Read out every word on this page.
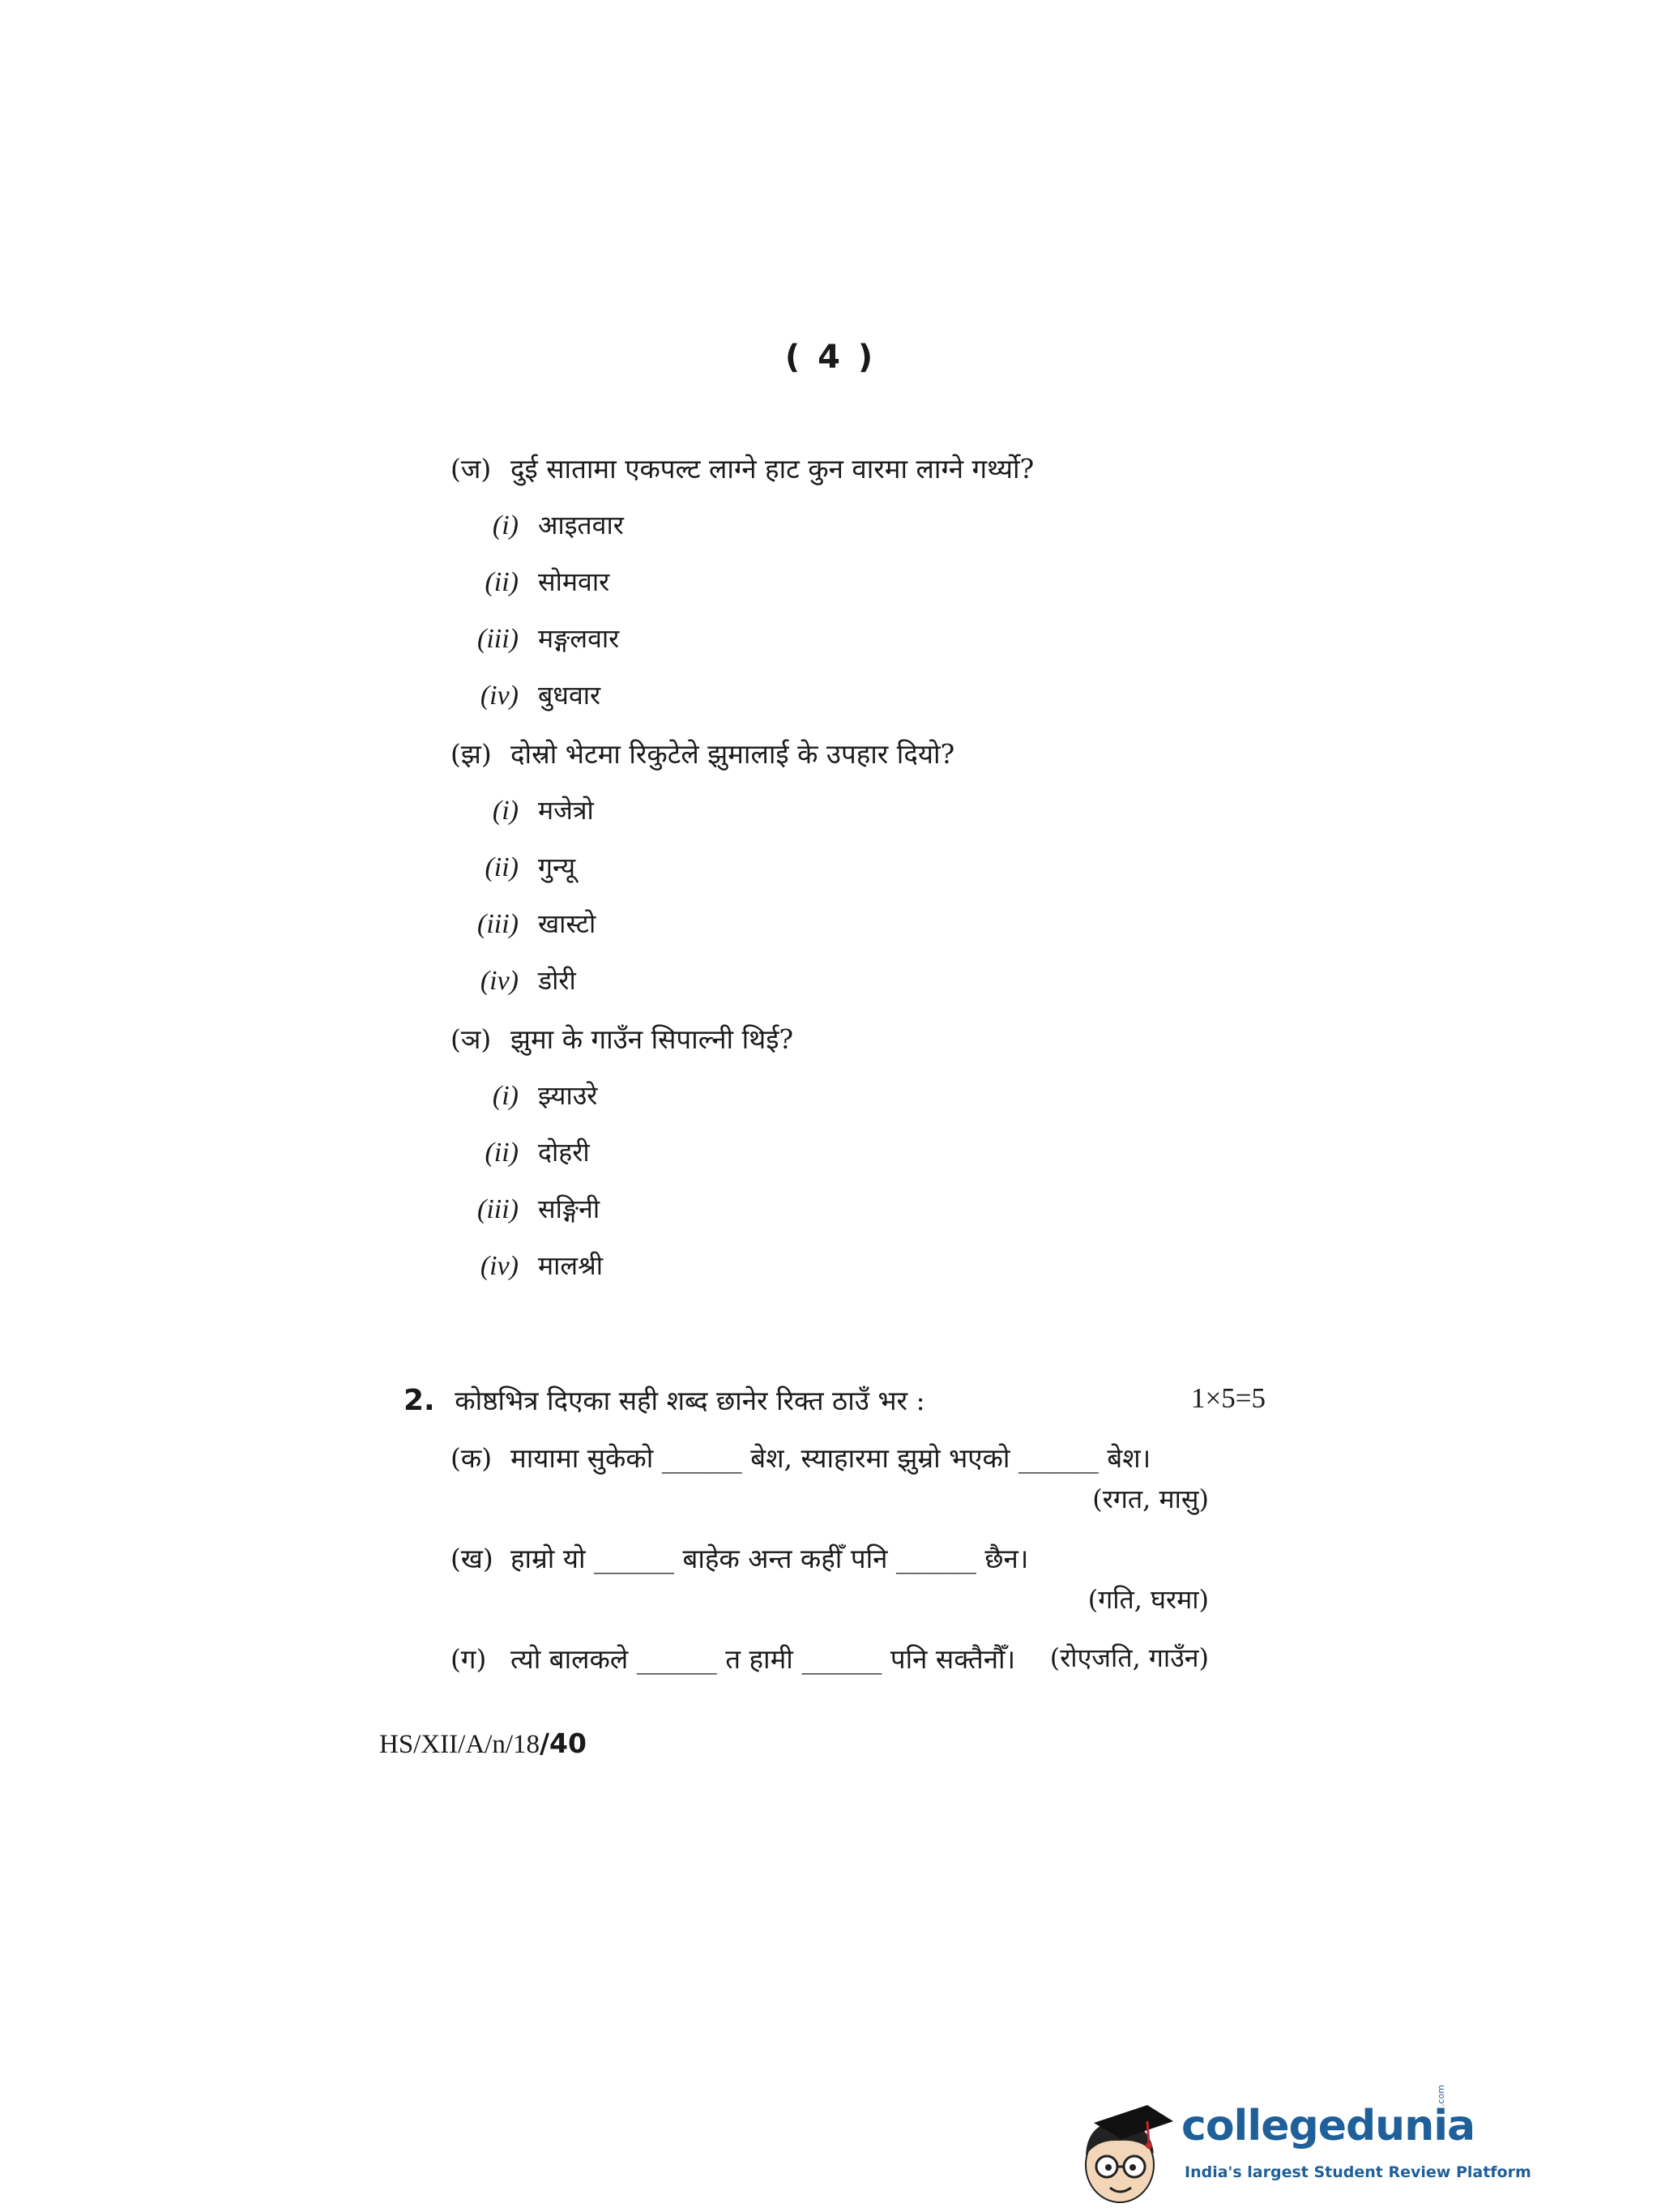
( 4 )
(ज) दुई सातामा एकपल्ट लाग्ने हाट कुन वारमा लाग्ने गर्थ्यो?
(i) आइतवार
(ii) सोमवार
(iii) मङ्गलवार
(iv) बुधवार
(झ) दोस्रो भेटमा रिकुटेले झुमालाई के उपहार दियो?
(i) मजेत्रो
(ii) गुन्यू
(iii) खास्टो
(iv) डोरी
(ञ) झुमा के गाउँन सिपाल्नी थिई?
(i) झ्याउरे
(ii) दोहरी
(iii) सङ्गिनी
(iv) मालश्री
2. कोष्ठभित्र दिएका सही शब्द छानेर रिक्त ठाउँ भर :	1×5=5
(क) मायामा सुकेको ______ बेश, स्याहारमा झुम्रो भएको ______ बेश।
(रगत, मासु)
(ख) हाम्रो यो ______ बाहेक अन्त कहीँ पनि ______ छैन।
(गति, घरमा)
(ग) त्यो बालकले ______ त हामी ______ पनि सक्तैनौँ। (रोएजति, गाउँन)
HS/XII/A/n/18/40
collegedunia
.com
India's largest Student Review Platform
